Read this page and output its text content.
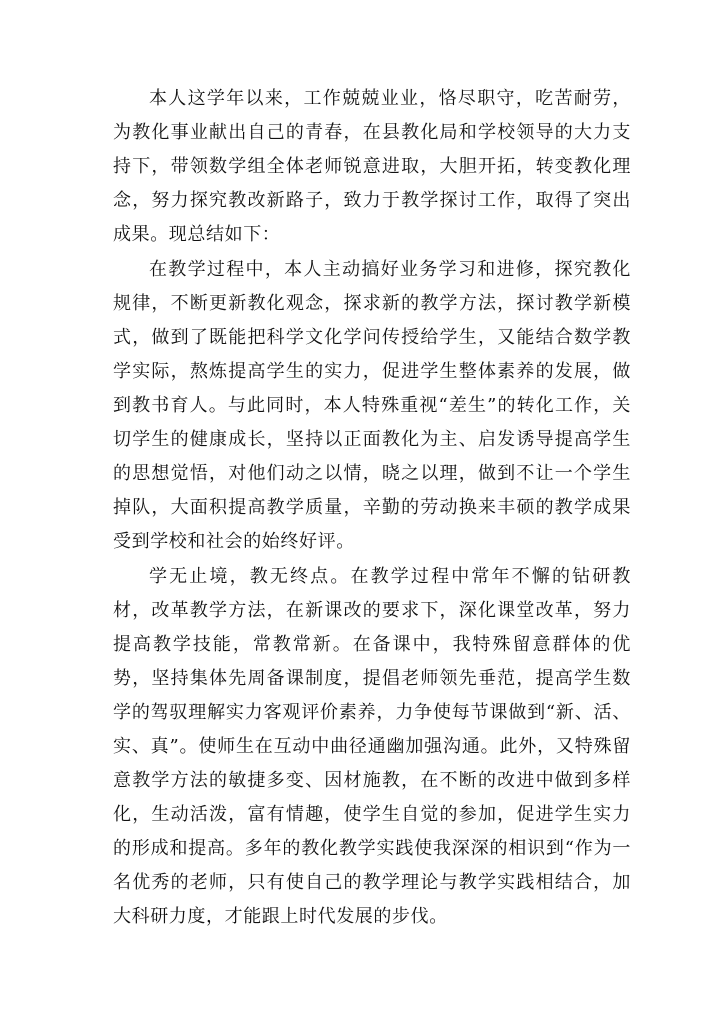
本人这学年以来，工作兢兢业业，恪尽职守，吃苦耐劳，为教化事业献出自己的青春，在县教化局和学校领导的大力支持下，带领数学组全体老师锐意进取，大胆开拓，转变教化理念，努力探究教改新路子，致力于教学探讨工作，取得了突出成果。现总结如下：

在教学过程中，本人主动搞好业务学习和进修，探究教化规律，不断更新教化观念，探求新的教学方法，探讨教学新模式，做到了既能把科学文化学问传授给学生，又能结合数学教学实际，熬炼提高学生的实力，促进学生整体素养的发展，做到教书育人。与此同时，本人特殊重视“差生”的转化工作，关切学生的健康成长，坚持以正面教化为主、启发诱导提高学生的思想觉悟，对他们动之以情，晓之以理，做到不让一个学生掉队，大面积提高教学质量，辛勤的劳动换来丰硕的教学成果受到学校和社会的始终好评。

学无止境，教无终点。在教学过程中常年不懈的钻研教材，改革教学方法，在新课改的要求下，深化课堂改革，努力提高教学技能，常教常新。在备课中，我特殊留意群体的优势，坚持集体先周备课制度，提倡老师领先垂范，提高学生数学的驾驭理解实力客观评价素养，力争使每节课做到“新、活、实、真”。使师生在互动中曲径通幽加强沟通。此外，又特殊留意教学方法的敏捷多变、因材施教，在不断的改进中做到多样化，生动活泼，富有情趣，使学生自觉的参加，促进学生实力的形成和提高。多年的教化教学实践使我深深的相识到“作为一名优秀的老师，只有使自己的教学理论与教学实践相结合，加大科研力度，才能跟上时代发展的步伐。
